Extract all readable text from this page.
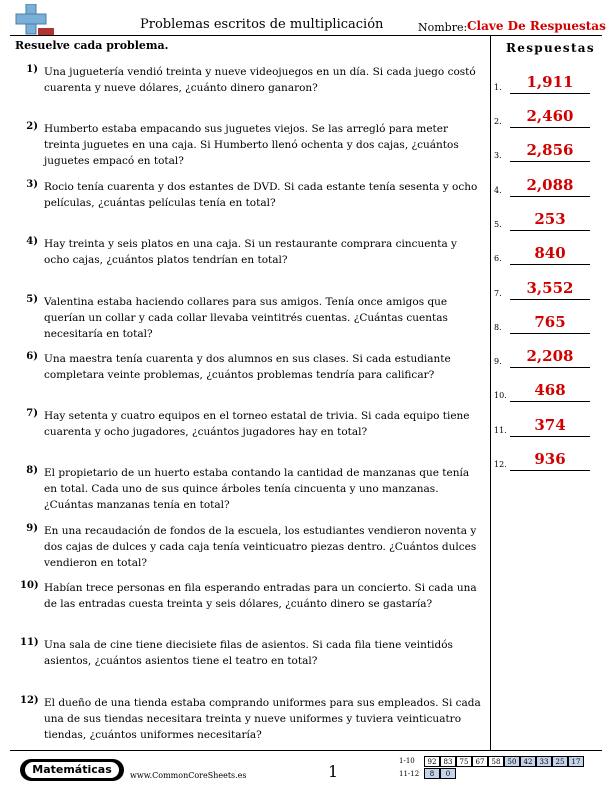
Problemas escritos de multiplicación	Nombre: Clave De Respuestas
Resuelve cada problema.	Respuestas
1) Una juguetería vendió treinta y nueve videojuegos en un día. Si cada juego costó cuarenta y nueve dólares, ¿cuánto dinero ganaron?
2) Humberto estaba empacando sus juguetes viejos. Se las arregló para meter treinta juguetes en una caja. Si Humberto llenó ochenta y dos cajas, ¿cuántos juguetes empacó en total?
3) Rocio tenía cuarenta y dos estantes de DVD. Si cada estante tenía sesenta y ocho películas, ¿cuántas películas tenía en total?
4) Hay treinta y seis platos en una caja. Si un restaurante comprara cincuenta y ocho cajas, ¿cuántos platos tendrían en total?
5) Valentina estaba haciendo collares para sus amigos. Tenía once amigos que querían un collar y cada collar llevaba veintitrés cuentas. ¿Cuántas cuentas necesitaría en total?
6) Una maestra tenía cuarenta y dos alumnos en sus clases. Si cada estudiante completara veinte problemas, ¿cuántos problemas tendría para calificar?
7) Hay setenta y cuatro equipos en el torneo estatal de trivia. Si cada equipo tiene cuarenta y ocho jugadores, ¿cuántos jugadores hay en total?
8) El propietario de un huerto estaba contando la cantidad de manzanas que tenía en total. Cada uno de sus quince árboles tenía cincuenta y uno manzanas. ¿Cuántas manzanas tenía en total?
9) En una recaudación de fondos de la escuela, los estudiantes vendieron noventa y dos cajas de dulces y cada caja tenía veinticuatro piezas dentro. ¿Cuántos dulces vendieron en total?
10) Habían trece personas en fila esperando entradas para un concierto. Si cada una de las entradas cuesta treinta y seis dólares, ¿cuánto dinero se gastaría?
11) Una sala de cine tiene diecisiete filas de asientos. Si cada fila tiene veintidós asientos, ¿cuántos asientos tiene el teatro en total?
12) El dueño de una tienda estaba comprando uniformes para sus empleados. Si cada una de sus tiendas necesitara treinta y nueve uniformes y tuviera veinticuatro tiendas, ¿cuántos uniformes necesitaría?
1.	1,911
2.	2,460
3.	2,856
4.	2,088
5.	253
6.	840
7.	3,552
8.	765
9.	2,208
10.	468
11.	374
12.	936
Matemáticas	www.CommonCoreSheets.es	1
1-10
11-12
92	83	75	67	58	50	42	33	25	17
8	0
